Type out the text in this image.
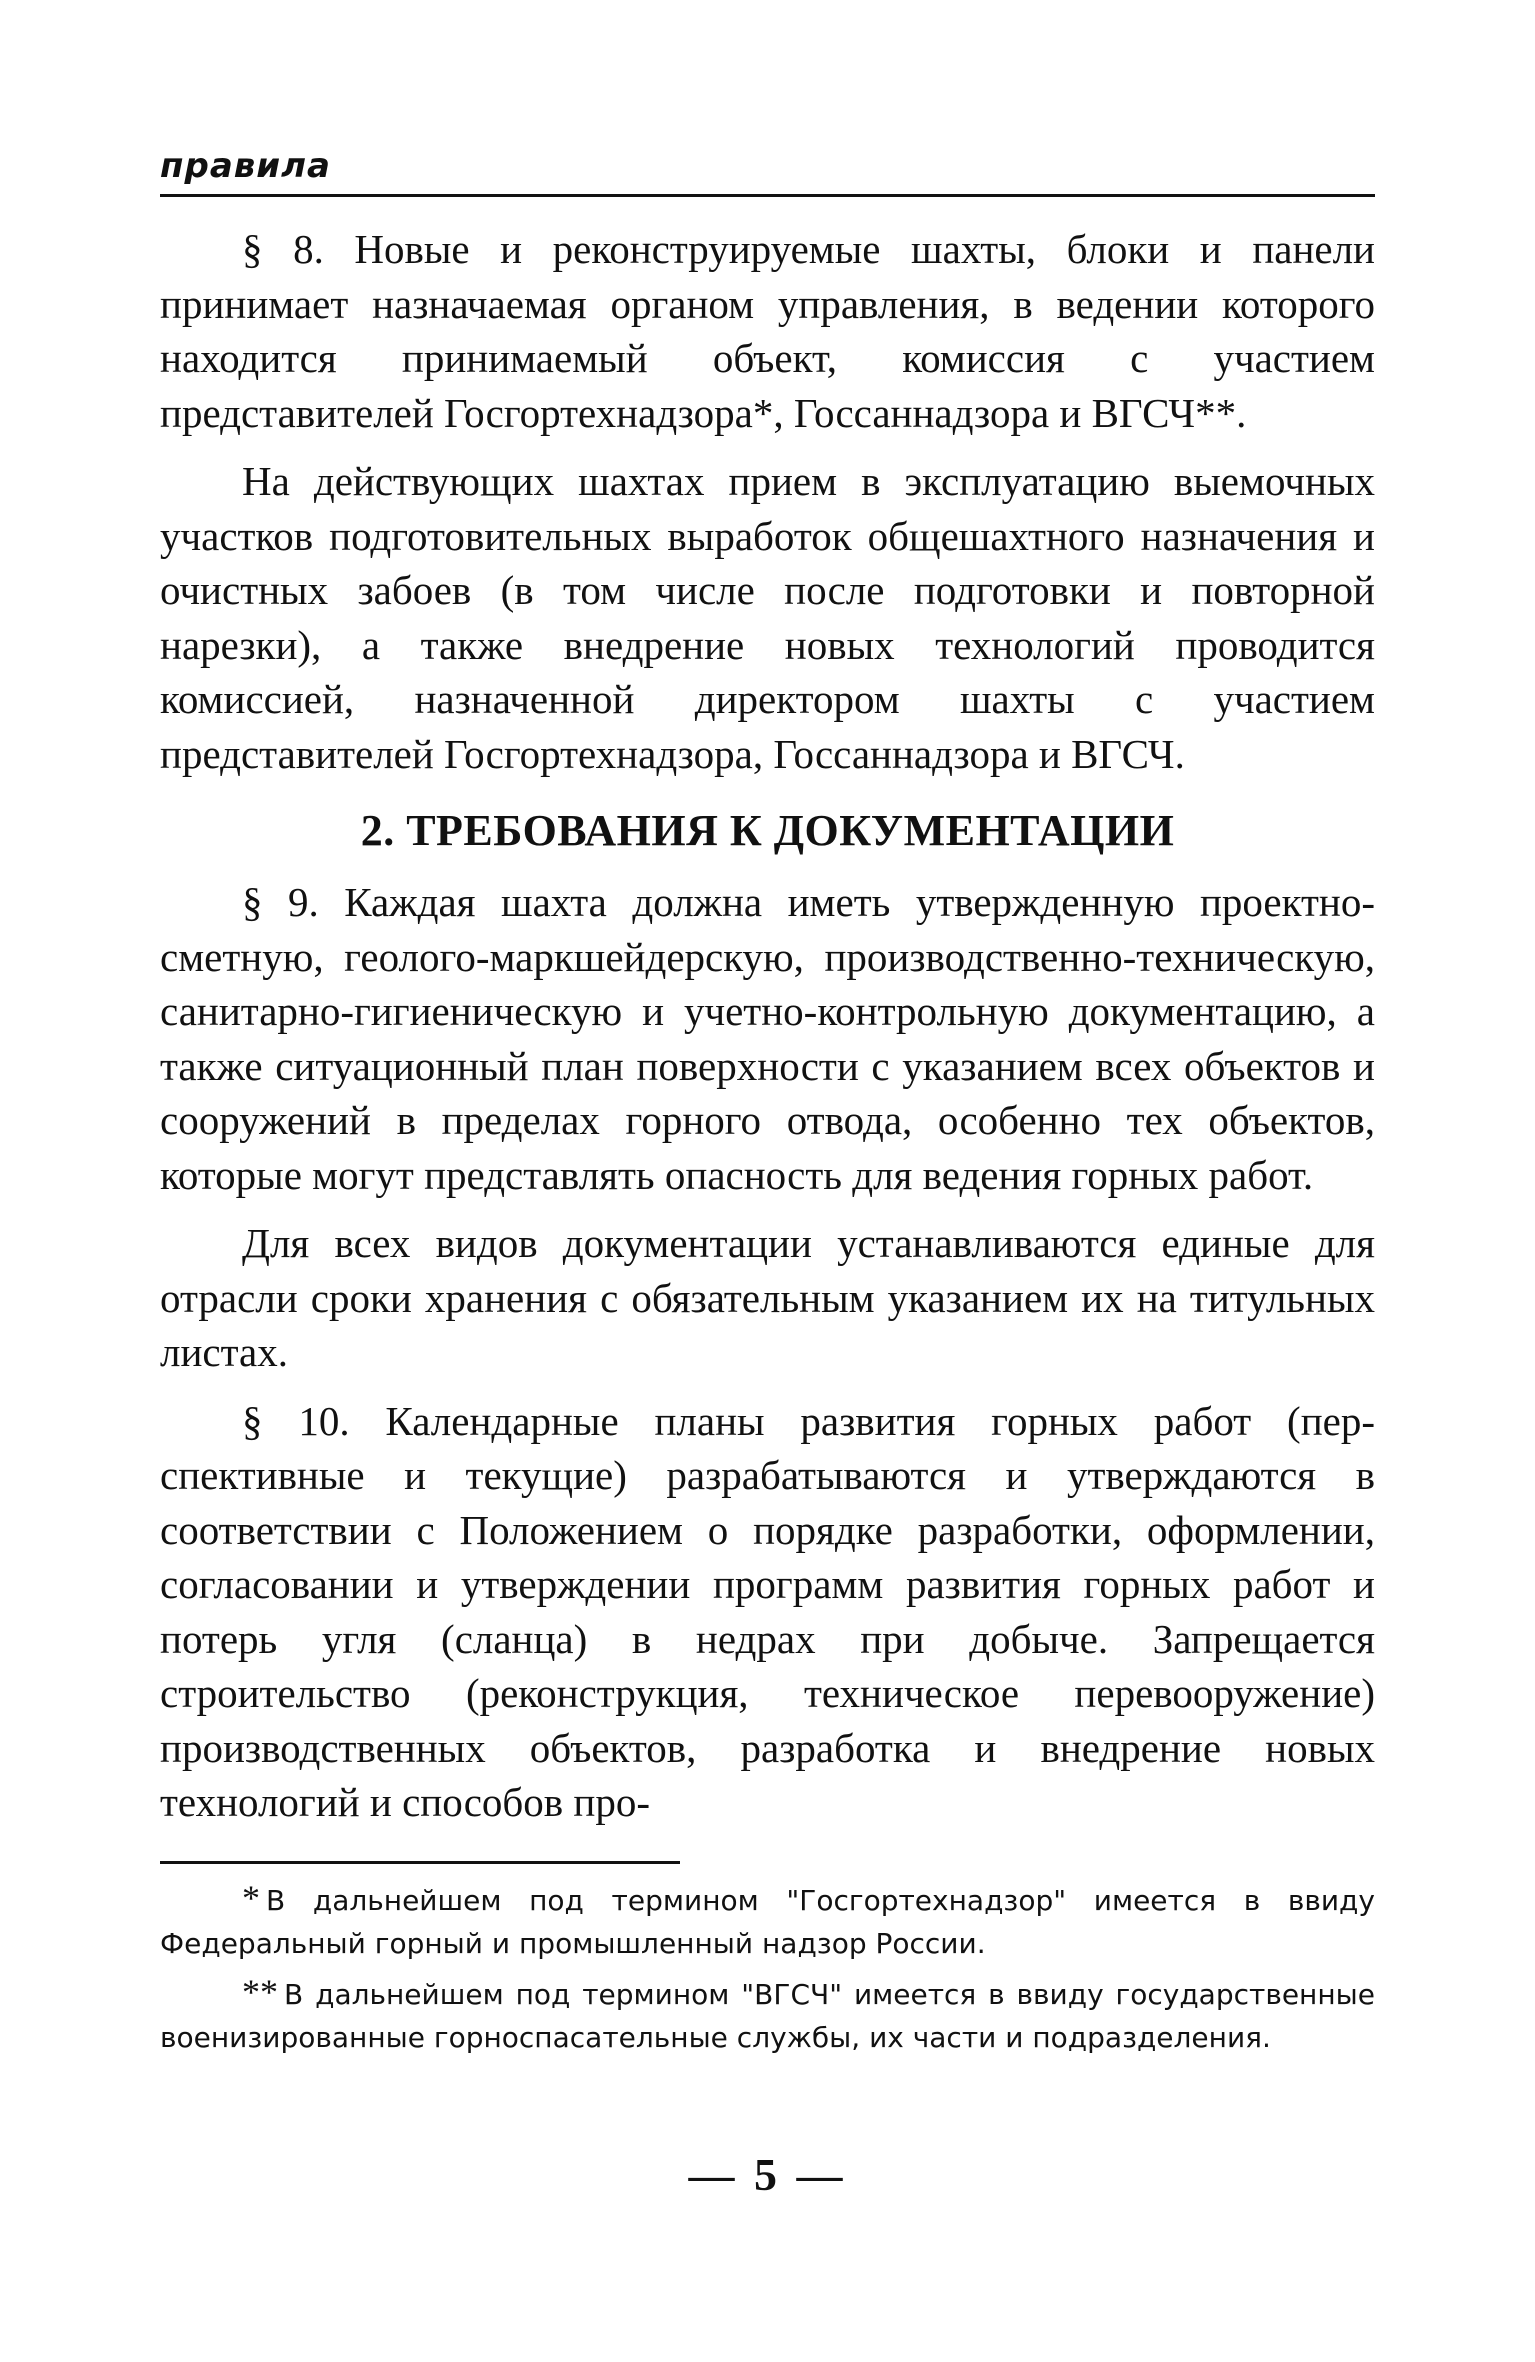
правила

§ 8. Новые и реконструируемые шахты, блоки и панели принимает назначаемая органом управления, в ведении которого находится принимаемый объект, комиссия с участием представителей Госгортехнадзора*, Госсаннадзора и ВГСЧ**.

На действующих шахтах прием в эксплуатацию выемочных участков подготовительных выработок общешахтного назначения и очистных забоев (в том числе после подготовки и повторной нарезки), а также внедрение новых технологий проводится комиссией, назначенной директором шахты с участием представителей Госгортехнадзора, Госсаннадзора и ВГСЧ.

2. ТРЕБОВАНИЯ К ДОКУМЕНТАЦИИ

§ 9. Каждая шахта должна иметь утвержденную проектно-сметную, геолого-маркшейдерскую, производственно-техническую, санитарно-гигиеническую и учетно-контрольную документацию, а также ситуационный план поверхности с указанием всех объектов и сооружений в пределах горного отвода, особенно тех объектов, которые могут представлять опасность для ведения горных работ.

Для всех видов документации устанавливаются единые для отрасли сроки хранения с обязательным указанием их на титульных листах.

§ 10. Календарные планы развития горных работ (перспективные и текущие) разрабатываются и утверждаются в соответствии с Положением о порядке разработки, оформлении, согласовании и утверждении программ развития горных работ и потерь угля (сланца) в недрах при добыче. Запрещается строительство (реконструкция, техническое перевооружение) производственных объектов, разработка и внедрение новых технологий и способов про-

* В дальнейшем под термином "Госгортехнадзор" имеется в ввиду Федеральный горный и промышленный надзор России.

** В дальнейшем под термином "ВГСЧ" имеется в ввиду государственные военизированные горноспасательные службы, их части и подразделения.

— 5 —
